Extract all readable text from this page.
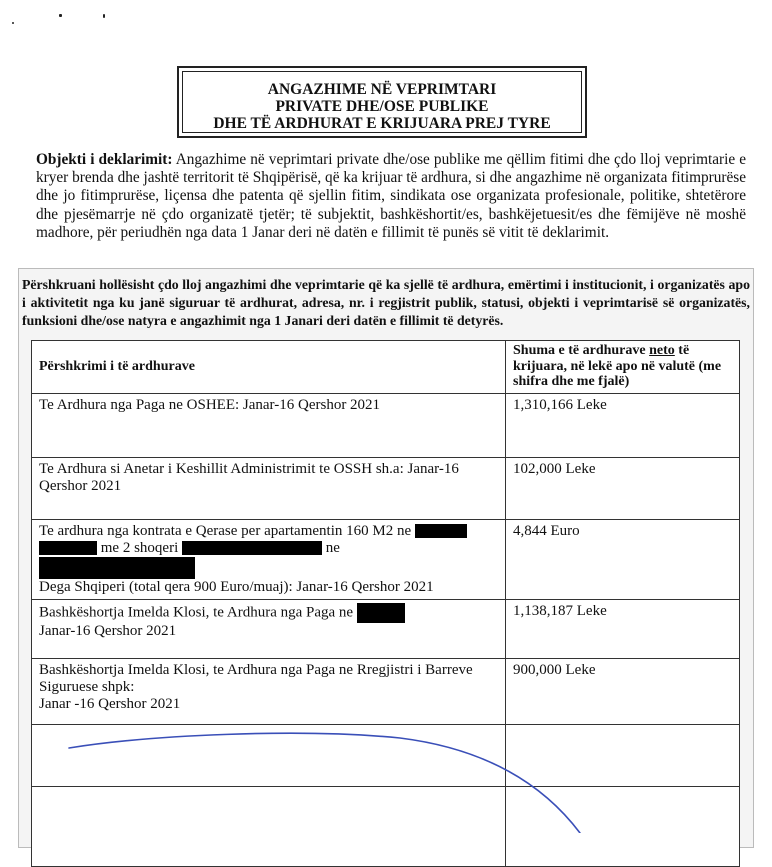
ANGAZHIME NË VEPRIMTARI
PRIVATE DHE/OSE PUBLIKE
DHE TË ARDHURAT E KRIJUARA PREJ TYRE
Objekti i deklarimit: Angazhime në veprimtari private dhe/ose publike me qëllim fitimi dhe çdo lloj veprimtarie e kryer brenda dhe jashtë territorit të Shqipërisë, që ka krijuar të ardhura, si dhe angazhime në organizata fitimprurëse dhe jo fitimprurëse, liçensa dhe patenta që sjellin fitim, sindikata ose organizata profesionale, politike, shtetërore dhe pjesëmarrje në çdo organizatë tjetër; të subjektit, bashkëshortit/es, bashkëjetuesit/es dhe fëmijëve në moshë madhore, për periudhën nga data 1 Janar deri në datën e fillimit të punës së vitit të deklarimit.
Përshkruani hollësisht çdo lloj angazhimi dhe veprimtarie që ka sjellë të ardhura, emërtimi i institucionit, i organizatës apo i aktivitetit nga ku janë siguruar të ardhurat, adresa, nr. i regjistrit publik, statusi, objekti i veprimtarisë së organizatës, funksioni dhe/ose natyra e angazhimit nga 1 Janari deri datën e fillimit të detyrës.
Përshkrimi i të ardhurave	Shuma e të ardhurave neto të krijuara, në lekë apo në valutë (me shifra dhe me fjalë)
Te Ardhura nga Paga ne OSHEE: Janar-16 Qershor 2021	1,310,166 Leke
Te Ardhura si Anetar i Keshillit Administrimit te OSSH sh.a: Janar-16 Qershor 2021	102,000 Leke
Te ardhura nga kontrata e Qerase per apartamentin 160 M2 ne
me 2 shoqeri ne
Dega Shqiperi (total qera 900 Euro/muaj): Janar-16 Qershor 2021	4,844 Euro
Bashkëshortja Imelda Klosi, te Ardhura nga Paga ne
Janar-16 Qershor 2021	1,138,187 Leke
Bashkëshortja Imelda Klosi, te Ardhura nga Paga ne Rregjistri i Barreve Siguruese shpk:
Janar -16 Qershor 2021	900,000 Leke
